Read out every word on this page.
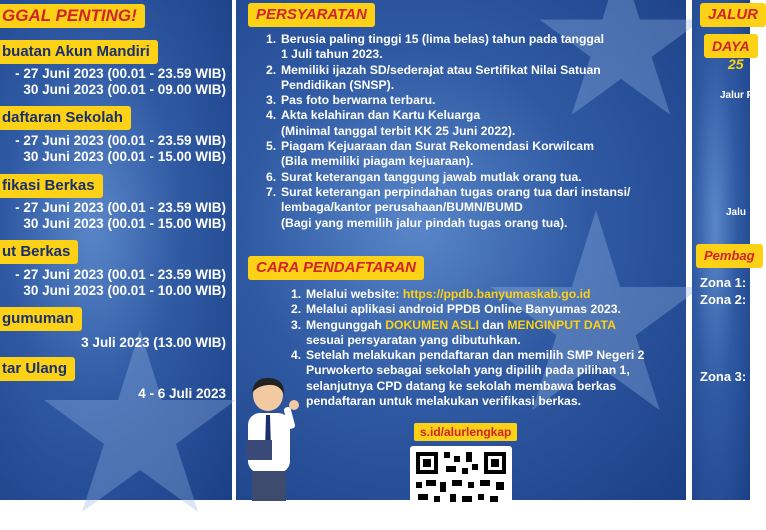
GGAL PENTING!
buatan Akun Mandiri
- 27 Juni 2023 (00.01 - 23.59 WIB)
30 Juni 2023 (00.01 - 09.00 WIB)
daftaran Sekolah
- 27 Juni 2023 (00.01 - 23.59 WIB)
30 Juni 2023 (00.01 - 15.00 WIB)
fikasi Berkas
- 27 Juni 2023 (00.01 - 23.59 WIB)
30 Juni 2023 (00.01 - 15.00 WIB)
ut Berkas
- 27 Juni 2023 (00.01 - 23.59 WIB)
30 Juni 2023 (00.01 - 10.00 WIB)
gumuman
3 Juli 2023 (13.00 WIB)
tar Ulang
4 - 6 Juli 2023
PERSYARATAN
1. Berusia paling tinggi 15 (lima belas) tahun pada tanggal
1 Juli tahun 2023.
2. Memiliki ijazah SD/sederajat atau Sertifikat Nilai Satuan
Pendidikan (SNSP).
3. Pas foto berwarna terbaru.
4. Akta kelahiran dan Kartu Keluarga
(Minimal tanggal terbit KK 25 Juni 2022).
5. Piagam Kejuaraan dan Surat Rekomendasi Korwilcam
(Bila memiliki piagam kejuaraan).
6. Surat keterangan tanggung jawab mutlak orang tua.
7. Surat keterangan perpindahan tugas orang tua dari instansi/
lembaga/kantor perusahaan/BUMN/BUMD
(Bagi yang memilih jalur pindah tugas orang tua).
CARA PENDAFTARAN
1. Melalui website: https://ppdb.banyumaskab.go.id
2. Melalui aplikasi android PPDB Online Banyumas 2023.
3. Mengunggah DOKUMEN ASLI dan MENGINPUT DATA
sesuai persyaratan yang dibutuhkan.
4. Setelah melakukan pendaftaran dan memilih SMP Negeri 2
Purwokerto sebagai sekolah yang dipilih pada pilihan 1,
selanjutnya CPD datang ke sekolah membawa berkas
pendaftaran untuk melakukan verifikasi berkas.
s.id/alurlengkap
JALUR
DAYA
25
Jalur P
Jalu
Pembag
Zona 1:
Zona 2:
Zona 3:
